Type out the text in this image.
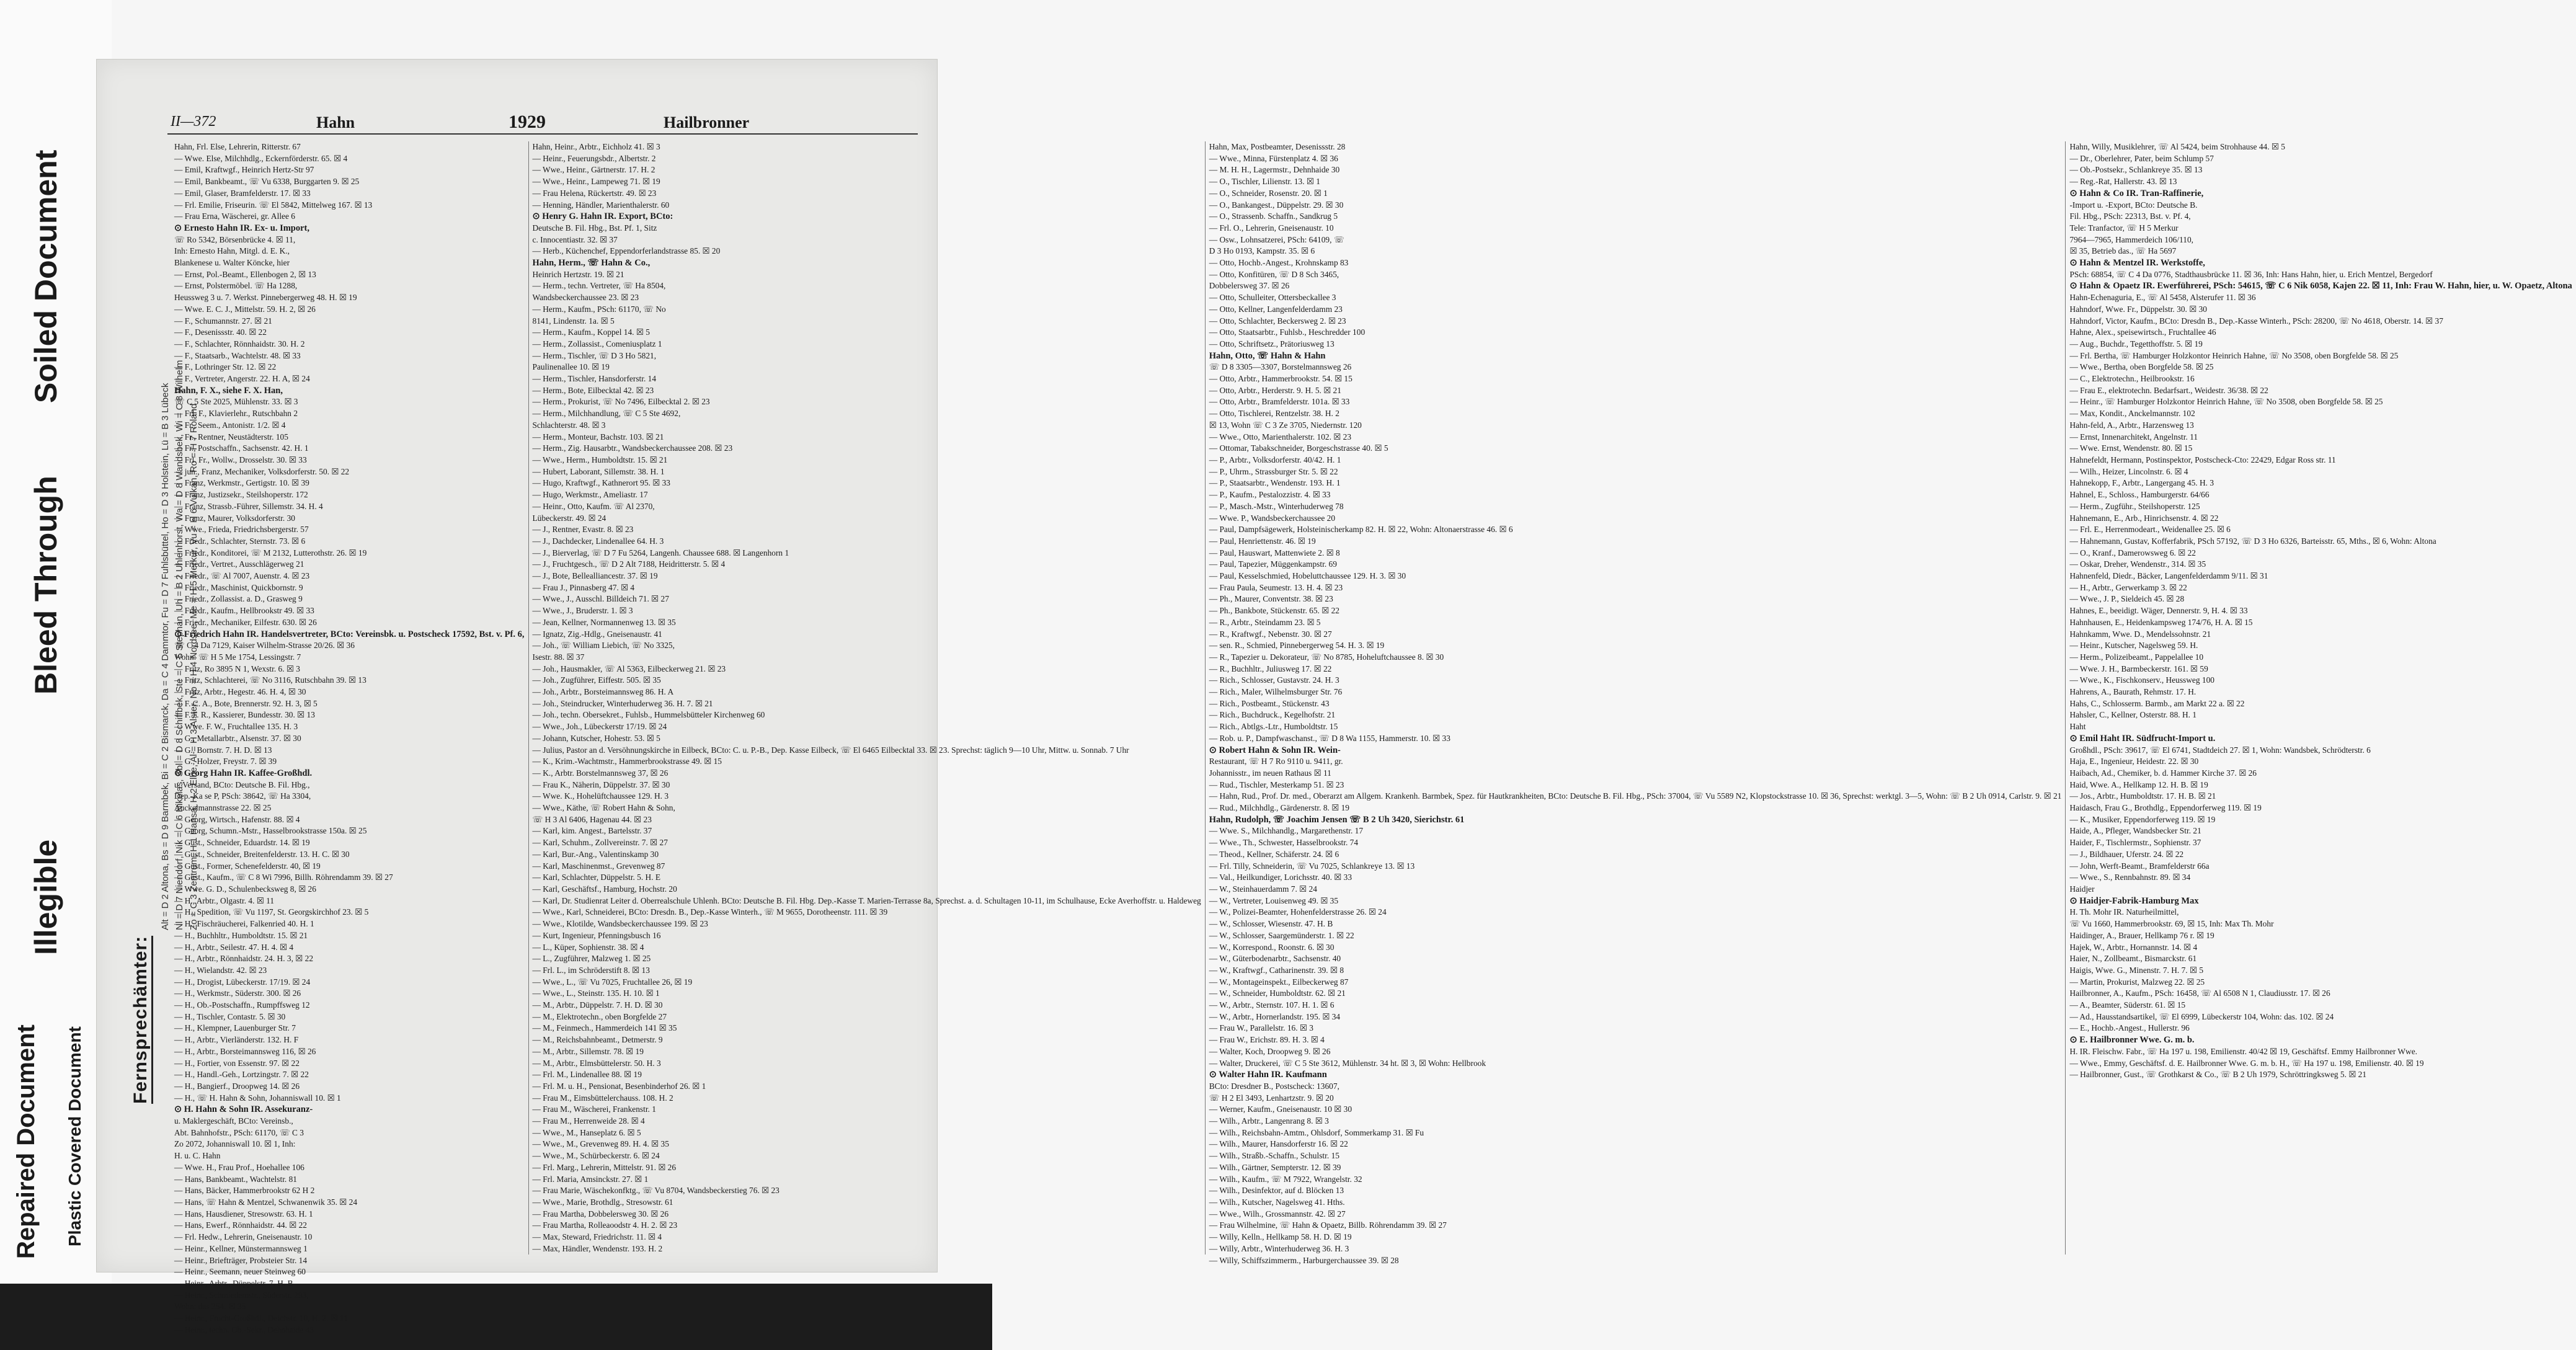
Repaired Document Plastic Covered Document
Illegible
Bleed Through
Soiled Document
Fernsprechämter:
Alt = D 2 Altona, Bs = D 9 Barmbek, Bi = C 2 Bismarck, Da = C 4 Dammtor, Fu = D 7 Fuhlsbüttel, Ho = D 3 Holstein, Lü = B 3 Lübeck Nl = D 7 Niendorf, Nik = C 6 Nikolas, Sbl = D 8 Schiffbek, Ste = C 5 Stephan, Uh = B 2 Uhlenhorst, Wa = D 8 Wandsbek, Wi = C 8 Wilhelm Zo = C 3 Zentrum, H 1 Hansa, H 2 Elbe, Al = H 3 Alster, No = H 4 Nordsee, Me = H 5 Merkur, Vu = H 6 Vulkan, Ro = H 7 Roland
II—372	Hahn	1929	Hailbronner
Hahn, Frl. Else, Lehrerin, Ritterstr. 67
— Wwe. Else, Milchhdlg., Eckernförderstr. 65. ☒ 4
— Emil, Kraftwgf., Heinrich Hertz-Str 97
— Emil, Bankbeamt., ☏ Vu 6338, Burggarten 9. ☒ 25
— Emil, Glaser, Bramfelderstr. 17. ☒ 33
— Frl. Emilie, Friseurin. ☏ El 5842, Mittelweg 167. ☒ 13
— Frau Erna, Wäscherei, gr. Allee 6
⊙ Ernesto Hahn IR. Ex- u. Import,
☏ Ro 5342, Börsenbrücke 4. ☒ 11,
Inh: Ernesto Hahn, Mitgl. d. E. K.,
Blankenese u. Walter Köncke, hier
— Ernst, Pol.-Beamt., Ellenbogen 2, ☒ 13
— Ernst, Polstermöbel. ☏ Ha 1288,
Heussweg 3 u. 7. Werkst. Pinnebergerweg 48. H. ☒ 19
— Wwe. E. C. J., Mittelstr. 59. H. 2, ☒ 26
— F., Schumannstr. 27. ☒ 21
— F., Desenissstr. 40. ☒ 22
— F., Schlachter, Rönnhaidstr. 30. H. 2
— F., Staatsarb., Wachtelstr. 48. ☒ 33
— F., Lothringer Str. 12. ☒ 22
— F., Vertreter, Angerstr. 22. H. A, ☒ 24
Hahn, F. X., siehe F. X. Han,
☏ C 5 Ste 2025, Mühlenstr. 33. ☒ 3
— Frl. F., Klavierlehr., Rutschbahn 2
— Fr., Seem., Antonistr. 1/2. ☒ 4
— Fr., Rentner, Neustädterstr. 105
— Fr., Postschaffn., Sachsenstr. 42. H. 1
— Frl. Fr., Wollw., Drosselstr. 30. ☒ 33
— jun., Franz, Mechaniker, Volksdorferstr. 50. ☒ 22
— Franz, Werkmstr., Gertigstr. 10. ☒ 39
— Franz, Justizsekr., Steilshoperstr. 172
— Franz, Strassb.-Führer, Sillemstr. 34. H. 4
— Franz, Maurer, Volksdorferstr. 30
— Wwe., Frieda, Friedrichsbergerstr. 57
— Friedr., Schlachter, Sternstr. 73. ☒ 6
— Friedr., Konditorei, ☏ M 2132, Lutterothstr. 26. ☒ 19
— Friedr., Vertret., Ausschlägerweg 21
— Friedr., ☏ Al 7007, Auenstr. 4. ☒ 23
— Friedr., Maschinist, Quickbornstr. 9
— Friedr., Zollassist. a. D., Grasweg 9
— Friedr., Kaufm., Hellbrookstr 49. ☒ 33
— Friedr., Mechaniker, Eilfestr. 630. ☒ 26
⊙ Friedrich Hahn IR. Handelsvertreter, BCto: Vereinsbk. u. Postscheck 17592, Bst. v. Pf. 6,
☏ C 4 Da 7129, Kaiser Wilhelm-Strasse 20/26. ☒ 36
Wohn: ☏ H 5 Me 1754, Lessingstr. 7
— Fritz, Ro 3895 N 1, Wexstr. 6. ☒ 3
— Fritz, Schlachterei, ☏ No 3116, Rutschbahn 39. ☒ 13
— Fritz, Arbtr., Hegestr. 46. H. 4, ☒ 30
— F. C. A., Bote, Brennerstr. 92. H. 3, ☒ 5
— F. F. R., Kassierer, Bundesstr. 30. ☒ 13
— Wwe. F. W., Fruchtallee 135. H. 3
— G., Metallarbtr., Alsenstr. 37. ☒ 30
— G., Bornstr. 7. H. D. ☒ 13
— G., Holzer, Freystr. 7. ☒ 39
⊙ Georg Hahn IR. Kaffee-Großhdl.
u. Versand, BCto: Deutsche B. Fil. Hbg.,
Dep.-Ka se P, PSch: 38642, ☏ Ha 3304,
Auckelmannstrasse 22. ☒ 25
— Georg, Wirtsch., Hafenstr. 88. ☒ 4
— Georg, Schumn.-Mstr., Hasselbrookstrasse 150a. ☒ 25
— Gust., Schneider, Eduardstr. 14. ☒ 19
— Gust., Schneider, Breitenfelderstr. 13. H. C. ☒ 30
— Gust., Former, Schenefelderstr. 40, ☒ 19
— Gust., Kaufm., ☏ C 8 Wi 7996, Billh. Röhrendamm 39. ☒ 27
— Wwe. G. D., Schulenbecksweg 8, ☒ 26
— H., Arbtr., Olgastr. 4. ☒ 11
— H., Spedition, ☏ Vu 1197, St. Georgskirchhof 23. ☒ 5
— H., Fischräucherei, Falkenried 40. H. 1
— H., Buchhltr., Humboldtstr. 15. ☒ 21
— H., Arbtr., Seilestr. 47. H. 4. ☒ 4
— H., Arbtr., Rönnhaidstr. 24. H. 3, ☒ 22
— H., Wielandstr. 42. ☒ 23
— H., Drogist, Lübeckerstr. 17/19. ☒ 24
— H., Werkmstr., Süderstr. 300. ☒ 26
— H., Ob.-Postschaffn., Rumpffsweg 12
— H., Tischler, Contastr. 5. ☒ 30
— H., Klempner, Lauenburger Str. 7
— H., Arbtr., Vierländerstr. 132. H. F
— H., Arbtr., Borsteimannsweg 116, ☒ 26
— H., Fortier, von Essenstr. 97. ☒ 22
— H., Handl.-Geh., Lortzingstr. 7. ☒ 22
— H., Bangierf., Droopweg 14. ☒ 26
— H., ☏ H. Hahn & Sohn, Johanniswall 10. ☒ 1
⊙ H. Hahn & Sohn IR. Assekuranz-
u. Maklergeschäft, BCto: Vereinsb.,
Abt. Bahnhofstr., PSch: 61170, ☏ C 3
Zo 2072, Johanniswall 10. ☒ 1, Inh:
H. u. C. Hahn
— Wwe. H., Frau Prof., Hoehallee 106
— Hans, Bankbeamt., Wachtelstr. 81
— Hans, Bäcker, Hammerbrookstr 62 H 2
— Hans, ☏ Hahn & Mentzel, Schwanenwik 35. ☒ 24
— Hans, Hausdiener, Stresowstr. 63. H. 1
— Hans, Ewerf., Rönnhaidstr. 44. ☒ 22
— Frl. Hedw., Lehrerin, Gneisenaustr. 10
— Heinr., Kellner, Münstermannsweg 1
— Heinr., Briefträger, Probsteier Str. 14
— Heinr., Seemann, neuer Steinweg 60
— Heinr., Arbtr., Düppelstr. 7. H. B
— Heinr., Schmiedemstr., Süderstr. 293,
Wohn: das 254. ☒ 35
— Heinr., Frucht-Großhdl., Deichstr. 10, H. 2. ☒ 11
— Heinr., techn. Ob.-Sekr., Dehnhaide 43
Hahn, Heinr., Arbtr., Eichholz 41. ☒ 3
— Heinr., Feuerungsbdr., Albertstr. 2
— Wwe., Heinr., Gärtnerstr. 17. H. 2
— Wwe., Heinr., Lampeweg 71. ☒ 19
— Frau Helena, Rückertstr. 49. ☒ 23
— Henning, Händler, Marienthalerstr. 60
⊙ Henry G. Hahn IR. Export, BCto:
Deutsche B. Fil. Hbg., Bst. Pf. 1, Sitz
c. Innocentiastr. 32. ☒ 37
— Herb., Küchenchef, Eppendorferlandstrasse 85. ☒ 20
Hahn, Herm., ☏ Hahn & Co.,
Heinrich Hertzstr. 19. ☒ 21
— Herm., techn. Vertreter, ☏ Ha 8504,
Wandsbeckerchaussee 23. ☒ 23
— Herm., Kaufm., PSch: 61170, ☏ No
8141, Lindenstr. 1a. ☒ 5
— Herm., Kaufm., Koppel 14. ☒ 5
— Herm., Zollassist., Comeniusplatz 1
— Herm., Tischler, ☏ D 3 Ho 5821,
Paulinenallee 10. ☒ 19
— Herm., Tischler, Hansdorferstr. 14
— Herm., Bote, Eilbecktal 42. ☒ 23
— Herm., Prokurist, ☏ No 7496, Eilbecktal 2. ☒ 23
— Herm., Milchhandlung, ☏ C 5 Ste 4692,
Schlachterstr. 48. ☒ 3
— Herm., Monteur, Bachstr. 103. ☒ 21
— Herm., Zig. Hausarbtr., Wandsbeckerchaussee 208. ☒ 23
— Wwe., Herm., Humboldtstr. 15. ☒ 21
— Hubert, Laborant, Sillemstr. 38. H. 1
— Hugo, Kraftwgf., Kathnerort 95. ☒ 33
— Hugo, Werkmstr., Ameliastr. 17
— Heinr., Otto, Kaufm. ☏ Al 2370,
Lübeckerstr. 49. ☒ 24
— J., Rentner, Evastr. 8. ☒ 23
— J., Dachdecker, Lindenallee 64. H. 3
— J., Bierverlag, ☏ D 7 Fu 5264, Langenh. Chaussee 688. ☒ Langenhorn 1
— J., Fruchtgesch., ☏ D 2 Alt 7188, Heidritterstr. 5. ☒ 4
— J., Bote, Bellealliancestr. 37. ☒ 19
— Frau J., Pinnasberg 47. ☒ 4
— Wwe., J., Ausschl. Billdeich 71. ☒ 27
— Wwe., J., Bruderstr. 1. ☒ 3
— Jean, Kellner, Normannenweg 13. ☒ 35
— Ignatz, Zig.-Hdlg., Gneisenaustr. 41
— Joh., ☏ William Liebich, ☏ No 3325,
Isestr. 88. ☒ 37
— Joh., Hausmakler, ☏ Al 5363, Eilbeckerweg 21. ☒ 23
— Joh., Zugführer, Eiffestr. 505. ☒ 35
— Joh., Arbtr., Borsteimannsweg 86. H. A
— Joh., Steindrucker, Winterhuderweg 36. H. 7. ☒ 21
— Joh., techn. Obersekret., Fuhlsb., Hummelsbütteler Kirchenweg 60
— Wwe., Joh., Lübeckerstr 17/19. ☒ 24
— Johann, Kutscher, Hohestr. 53. ☒ 5
— Julius, Pastor an d. Versöhnungskirche in Eilbeck, BCto: C. u. P.-B., Dep. Kasse Eilbeck, ☏ El 6465 Eilbecktal 33. ☒ 23. Sprechst: täglich 9—10 Uhr, Mittw. u. Sonnab. 7 Uhr
— K., Krim.-Wachtmstr., Hammerbrookstrasse 49. ☒ 15
— K., Arbtr. Borstelmannsweg 37, ☒ 26
— Frau K., Näherin, Düppelstr. 37. ☒ 30
— Wwe. K., Hohelüftchaussee 129. H. 3
— Wwe., Käthe, ☏ Robert Hahn & Sohn,
☏ H 3 Al 6406, Hagenau 44. ☒ 23
— Karl, kim. Angest., Bartelsstr. 37
— Karl, Schuhm., Zollvereinstr. 7. ☒ 27
— Karl, Bur.-Ang., Valentinskamp 30
— Karl, Maschinenmst., Grevenweg 87
— Karl, Schlachter, Düppelstr. 5. H. E
— Karl, Geschäftsf., Hamburg, Hochstr. 20
— Karl, Dr. Studienrat Leiter d. Oberrealschule Uhlenh. BCto: Deutsche B. Fil. Hbg. Dep.-Kasse T. Marien-Terrasse 8a, Sprechst. a. d. Schultagen 10-11, im Schulhause, Ecke Averhoffstr. u. Haldeweg
— Wwe., Karl, Schneiderei, BCto: Dresdn. B., Dep.-Kasse Winterh., ☏ M 9655, Dorotheenstr. 111. ☒ 39
— Wwe., Klotilde, Wandsbeckerchaussee 199. ☒ 23
— Kurt, Ingenieur, Pfenningsbusch 16
— L., Küper, Sophienstr. 38. ☒ 4
— L., Zugführer, Malzweg 1. ☒ 25
— Frl. L., im Schröderstift 8. ☒ 13
— Wwe., L., ☏ Vu 7025, Fruchtallee 26, ☒ 19
— Wwe., L., Steinstr. 135. H. 10. ☒ 1
— M., Arbtr., Düppelstr. 7. H. D. ☒ 30
— M., Elektrotechn., oben Borgfelde 27
— M., Feinmech., Hammerdeich 141 ☒ 35
— M., Reichsbahnbeamt., Detmerstr. 9
— M., Arbtr., Sillemstr. 78. ☒ 19
— M., Arbtr., Elmsbüttelerstr. 50. H. 3
— Frl. M., Lindenallee 88. ☒ 19
— Frl. M. u. H., Pensionat, Besenbinderhof 26. ☒ 1
— Frau M., Eimsbüttelerchauss. 108. H. 2
— Frau M., Wäscherei, Frankenstr. 1
— Frau M., Herrenweide 28. ☒ 4
— Wwe., M., Hanseplatz 6. ☒ 5
— Wwe., M., Grevenweg 89. H. 4. ☒ 35
— Wwe., M., Schürbeckerstr. 6. ☒ 24
— Frl. Marg., Lehrerin, Mittelstr. 91. ☒ 26
— Frl. Maria, Amsinckstr. 27. ☒ 1
— Frau Marie, Wäschekonfktg., ☏ Vu 8704, Wandsbeckerstieg 76. ☒ 23
— Wwe., Marie, Brothdlg., Stresowstr. 61
— Frau Martha, Dobbelersweg 30. ☒ 26
— Frau Martha, Rolleaoodstr 4. H. 2. ☒ 23
— Max, Steward, Friedrichstr. 11. ☒ 4
— Max, Händler, Wendenstr. 193. H. 2
Hahn, Max, Postbeamter, Desenissstr. 28
— Wwe., Minna, Fürstenplatz 4. ☒ 36
— M. H. H., Lagermstr., Dehnhaide 30
— O., Tischler, Lilienstr. 13. ☒ 1
— O., Schneider, Rosenstr. 20. ☒ 1
— O., Bankangest., Düppelstr. 29. ☒ 30
— O., Strassenb. Schaffn., Sandkrug 5
— Frl. O., Lehrerin, Gneisenaustr. 10
— Osw., Lohnsatzerei, PSch: 64109, ☏
D 3 Ho 0193, Kampstr. 35. ☒ 6
— Otto, Hochb.-Angest., Krohnskamp 83
— Otto, Konfitüren, ☏ D 8 Sch 3465,
Dobbelersweg 37. ☒ 26
— Otto, Schulleiter, Ottersbeckallee 3
— Otto, Kellner, Langenfelderdamm 23
— Otto, Schlachter, Beckersweg 2. ☒ 23
— Otto, Staatsarbtr., Fuhlsb., Heschredder 100
— Otto, Schriftsetz., Prätoriusweg 13
Hahn, Otto, ☏ Hahn & Hahn
☏ D 8 3305—3307, Borstelmannsweg 26
— Otto, Arbtr., Hammerbrookstr. 54. ☒ 15
— Otto, Arbtr., Herderstr. 9. H. 5. ☒ 21
— Otto, Arbtr., Bramfelderstr. 101a. ☒ 33
— Otto, Tischlerei, Rentzelstr. 38. H. 2
☒ 13, Wohn ☏ C 3 Ze 3705, Niedernstr. 120
— Wwe., Otto, Marienthalerstr. 102. ☒ 23
— Ottomar, Tabakschneider, Borgeschstrasse 40. ☒ 5
— P., Arbtr., Volksdorferstr. 40/42. H. 1
— P., Uhrm., Strassburger Str. 5. ☒ 22
— P., Staatsarbtr., Wendenstr. 193. H. 1
— P., Kaufm., Pestalozzistr. 4. ☒ 33
— P., Masch.-Mstr., Winterhuderweg 78
— Wwe. P., Wandsbeckerchaussee 20
— Paul, Dampfsägewerk, Holsteinischerkamp 82. H. ☒ 22, Wohn: Altonaerstrasse 46. ☒ 6
— Paul, Henriettenstr. 46. ☒ 19
— Paul, Hauswart, Mattenwiete 2. ☒ 8
— Paul, Tapezier, Müggenkampstr. 69
— Paul, Kesselschmied, Hobeluttchaussee 129. H. 3. ☒ 30
— Frau Paula, Seumestr. 13. H. 4. ☒ 23
— Ph., Maurer, Conventstr. 38. ☒ 23
— Ph., Bankbote, Stückenstr. 65. ☒ 22
— R., Arbtr., Steindamm 23. ☒ 5
— R., Kraftwgf., Nebenstr. 30. ☒ 27
— sen. R., Schmied, Pinnebergerweg 54. H. 3. ☒ 19
— R., Tapezier u. Dekorateur, ☏ No 8785, Hoheluftchaussee 8. ☒ 30
— R., Buchhltr., Juliusweg 17. ☒ 22
— Rich., Schlosser, Gustavstr. 24. H. 3
— Rich., Maler, Wilhelmsburger Str. 76
— Rich., Postbeamt., Stückenstr. 43
— Rich., Buchdruck., Kegelhofstr. 21
— Rich., Abtlgs.-Ltr., Humboldtstr. 15
— Rob. u. P., Dampfwaschanst., ☏ D 8 Wa 1155, Hammerstr. 10. ☒ 33
⊙ Robert Hahn & Sohn IR. Wein-
Restaurant, ☏ H 7 Ro 9110 u. 9411, gr.
Johannisstr., im neuen Rathaus ☒ 11
— Rud., Tischler, Mesterkamp 51. ☒ 23
— Hahn, Rud., Prof. Dr. med., Oberarzt am Allgem. Krankenh. Barmbek, Spez. für Hautkrankheiten, BCto: Deutsche B. Fil. Hbg., PSch: 37004, ☏ Vu 5589 N2, Klopstockstrasse 10. ☒ 36, Sprechst: werktgl. 3—5, Wohn: ☏ B 2 Uh 0914, Carlstr. 9. ☒ 21
— Rud., Milchhdlg., Gärdenerstr. 8. ☒ 19
Hahn, Rudolph, ☏ Joachim Jensen ☏ B 2 Uh 3420, Sierichstr. 61
— Wwe. S., Milchhandlg., Margarethenstr. 17
— Wwe., Th., Schwester, Hasselbrookstr. 74
— Theod., Kellner, Schäferstr. 24. ☒ 6
— Frl. Tilly, Schneiderin, ☏ Vu 7025, Schlankreye 13. ☒ 13
— Val., Heilkundiger, Lorichsstr. 40. ☒ 33
— W., Steinhauerdamm 7. ☒ 24
— W., Vertreter, Louisenweg 49. ☒ 35
— W., Polizei-Beamter, Hohenfelderstrasse 26. ☒ 24
— W., Schlosser, Wiesenstr. 47. H. B
— W., Schlosser, Saargemünderstr. 1. ☒ 22
— W., Korrespond., Roonstr. 6. ☒ 30
— W., Güterbodenarbtr., Sachsenstr. 40
— W., Kraftwgf., Catharinenstr. 39. ☒ 8
— W., Montageinspekt., Eilbeckerweg 87
— W., Schneider, Humboldtstr. 62. ☒ 21
— W., Arbtr., Sternstr. 107. H. 1. ☒ 6
— W., Arbtr., Hornerlandstr. 195. ☒ 34
— Frau W., Parallelstr. 16. ☒ 3
— Frau W., Erichstr. 89. H. 3. ☒ 4
— Walter, Koch, Droopweg 9. ☒ 26
— Walter, Druckerei, ☏ C 5 Ste 3612, Mühlenstr. 34 ht. ☒ 3, ☒ Wohn: Hellbrook
⊙ Walter Hahn IR. Kaufmann
BCto: Dresdner B., Postscheck: 13607,
☏ H 2 El 3493, Lenhartzstr. 9. ☒ 20
— Werner, Kaufm., Gneisenaustr. 10 ☒ 30
— Wilh., Arbtr., Langenrang 8. ☒ 3
— Wilh., Reichsbahn-Amtm., Ohlsdorf, Sommerkamp 31. ☒ Fu
— Wilh., Maurer, Hansdorferstr 16. ☒ 22
— Wilh., Straßb.-Schaffn., Schulstr. 15
— Wilh., Gärtner, Sempterstr. 12. ☒ 39
— Wilh., Kaufm., ☏ M 7922, Wrangelstr. 32
— Wilh., Desinfektor, auf d. Blöcken 13
— Wilh., Kutscher, Nagelsweg 41. Hths.
— Wwe., Wilh., Grossmannstr. 42. ☒ 27
— Frau Wilhelmine, ☏ Hahn & Opaetz, Billb. Röhrendamm 39. ☒ 27
— Willy, Kelln., Hellkamp 58. H. D. ☒ 19
— Willy, Arbtr., Winterhuderweg 36. H. 3
— Willy, Schiffszimmerm., Harburgerchaussee 39. ☒ 28
Hahn, Willy, Musiklehrer, ☏ Al 5424, beim Strohhause 44. ☒ 5
— Dr., Oberlehrer, Pater, beim Schlump 57
— Ob.-Postsekr., Schlankreye 35. ☒ 13
— Reg.-Rat, Hallerstr. 43. ☒ 13
⊙ Hahn & Co IR. Tran-Raffinerie,
-Import u. -Export, BCto: Deutsche B.
Fil. Hbg., PSch: 22313, Bst. v. Pf. 4,
Tele: Tranfactor, ☏ H 5 Merkur
7964—7965, Hammerdeich 106/110,
☒ 35, Betrieb das., ☏ Ha 5697
⊙ Hahn & Mentzel IR. Werkstoffe,
PSch: 68854, ☏ C 4 Da 0776, Stadthausbrücke 11. ☒ 36, Inh: Hans Hahn, hier, u. Erich Mentzel, Bergedorf
⊙ Hahn & Opaetz IR. Ewerführerei, PSch: 54615, ☏ C 6 Nik 6058, Kajen 22. ☒ 11, Inh: Frau W. Hahn, hier, u. W. Opaetz, Altona
Hahn-Echenaguria, E., ☏ Al 5458, Alsterufer 11. ☒ 36
Hahndorf, Wwe. Fr., Düppelstr. 30. ☒ 30
Hahndorf, Victor, Kaufm., BCto: Dresdn B., Dep.-Kasse Winterh., PSch: 28200, ☏ No 4618, Oberstr. 14. ☒ 37
Hahne, Alex., speisewirtsch., Fruchtallee 46
— Aug., Buchdr., Tegetthoffstr. 5. ☒ 19
— Frl. Bertha, ☏ Hamburger Holzkontor Heinrich Hahne, ☏ No 3508, oben Borgfelde 58. ☒ 25
— Wwe., Bertha, oben Borgfelde 58. ☒ 25
— C., Elektrotechn., Heilbrookstr. 16
— Frau E., elektrotechn. Bedarfsart., Weidestr. 36/38. ☒ 22
— Heinr., ☏ Hamburger Holzkontor Heinrich Hahne, ☏ No 3508, oben Borgfelde 58. ☒ 25
— Max, Kondit., Anckelmannstr. 102
Hahn-feld, A., Arbtr., Harzensweg 13
— Ernst, Innenarchitekt, Angelnstr. 11
— Wwe. Ernst, Wendenstr. 80. ☒ 15
Hahnefeldt, Hermann, Postinspektor, Postscheck-Cto: 22429, Edgar Ross str. 11
— Wilh., Heizer, Lincolnstr. 6. ☒ 4
Hahnekopp, F., Arbtr., Langergang 45. H. 3
Hahnel, E., Schloss., Hamburgerstr. 64/66
— Herm., Zugführ., Steilshoperstr. 125
Hahnemann, E., Arb., Hinrichsenstr. 4. ☒ 22
— Frl. E., Herrenmodeart., Weidenallee 25. ☒ 6
— Hahnemann, Gustav, Kofferfabrik, PSch 57192, ☏ D 3 Ho 6326, Barteisstr. 65, Mths., ☒ 6, Wohn: Altona
— O., Kranf., Damerowsweg 6. ☒ 22
— Oskar, Dreher, Wendenstr., 314. ☒ 35
Hahnenfeld, Diedr., Bäcker, Langenfelderdamm 9/11. ☒ 31
— H., Arbtr., Gerwerkamp 3. ☒ 22
— Wwe., J. P., Sieldeich 45. ☒ 28
Hahnes, E., beeidigt. Wäger, Dennerstr. 9, H. 4. ☒ 33
Hahnhausen, E., Heidenkampsweg 174/76, H. A. ☒ 15
Hahnkamm, Wwe. D., Mendelssohnstr. 21
— Heinr., Kutscher, Nagelsweg 59. H.
— Herm., Polizeibeamt., Pappelallee 10
— Wwe. J. H., Barmbeckerstr. 161. ☒ 59
— Wwe., K., Fischkonserv., Heussweg 100
Hahrens, A., Baurath, Rehmstr. 17. H.
Hahs, C., Schlosserm. Barmb., am Markt 22 a. ☒ 22
Hahsler, C., Kellner, Osterstr. 88. H. 1
Haht
⊙ Emil Haht IR. Südfrucht-Import u.
Großhdl., PSch: 39617, ☏ El 6741, Stadtdeich 27. ☒ 1, Wohn: Wandsbek, Schrödterstr. 6
Haja, E., Ingenieur, Heidestr. 22. ☒ 30
Haibach, Ad., Chemiker, b. d. Hammer Kirche 37. ☒ 26
Haid, Wwe. A., Hellkamp 12. H. B. ☒ 19
— Jos., Arbtr., Humboldtstr. 17. H. B. ☒ 21
Haidasch, Frau G., Brothdlg., Eppendorferweg 119. ☒ 19
— K., Musiker, Eppendorferweg 119. ☒ 19
Haide, A., Pfleger, Wandsbecker Str. 21
Haider, F., Tischlermstr., Sophienstr. 37
— J., Bildhauer, Uferstr. 24. ☒ 22
— John, Werft-Beamt., Bramfelderstr 66a
— Wwe., S., Rennbahnstr. 89. ☒ 34
Haidjer
⊙ Haidjer-Fabrik-Hamburg Max
H. Th. Mohr IR. Naturheilmittel,
☏ Vu 1660, Hammerbrookstr. 69, ☒ 15, Inh: Max Th. Mohr
Haidinger, A., Brauer, Hellkamp 76 r. ☒ 19
Hajek, W., Arbtr., Hornannstr. 14. ☒ 4
Haier, N., Zollbeamt., Bismarckstr. 61
Haigis, Wwe. G., Minenstr. 7. H. 7. ☒ 5
— Martin, Prokurist, Malzweg 22. ☒ 25
Hailbronner, A., Kaufm., PSch: 16458, ☏ Al 6508 N 1, Claudiusstr. 17. ☒ 26
— A., Beamter, Süderstr. 61. ☒ 15
— Ad., Hausstandsartikel, ☏ El 6999, Lübeckerstr 104, Wohn: das. 102. ☒ 24
— E., Hochb.-Angest., Hullerstr. 96
⊙ E. Hailbronner Wwe. G. m. b.
H. IR. Fleischw. Fabr., ☏ Ha 197 u. 198, Emilienstr. 40/42 ☒ 19, Geschäftsf. Emmy Hailbronner Wwe.
— Wwe., Emmy, Geschäftsf. d. E. Hailbronner Wwe. G. m. b. H., ☏ Ha 197 u. 198, Emilienstr. 40. ☒ 19
— Hailbronner, Gust., ☏ Grothkarst & Co., ☏ B 2 Uh 1979, Schröttringksweg 5. ☒ 21
